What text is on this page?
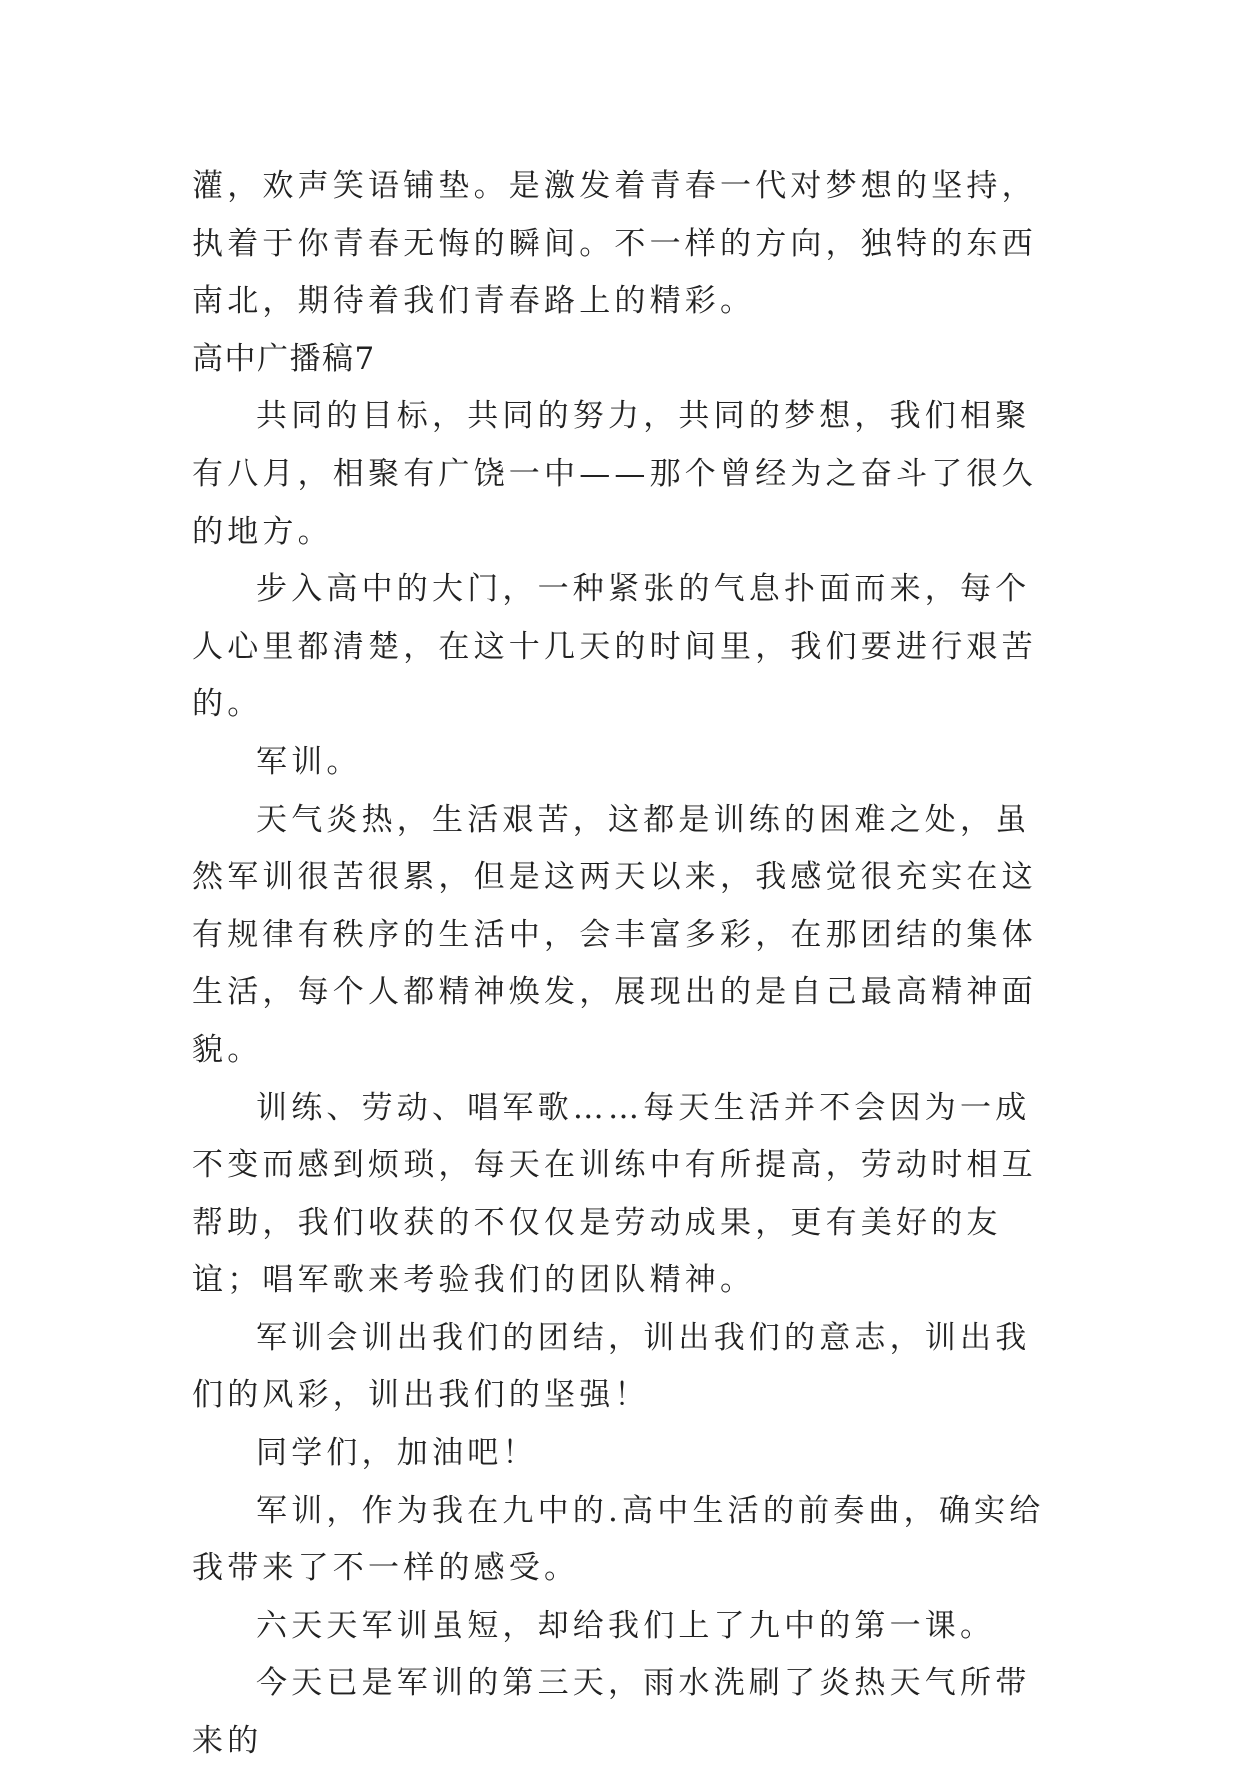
灌，欢声笑语铺垫。是激发着青春一代对梦想的坚持，执着于你青春无悔的瞬间。不一样的方向，独特的东西南北，期待着我们青春路上的精彩。

高中广播稿7

共同的目标，共同的努力，共同的梦想，我们相聚有八月，相聚有广饶一中——那个曾经为之奋斗了很久的地方。

步入高中的大门，一种紧张的气息扑面而来，每个人心里都清楚，在这十几天的时间里，我们要进行艰苦的。

军训。

天气炎热，生活艰苦，这都是训练的困难之处，虽然军训很苦很累，但是这两天以来，我感觉很充实在这有规律有秩序的生活中，会丰富多彩，在那团结的集体生活，每个人都精神焕发，展现出的是自己最高精神面貌。

训练、劳动、唱军歌……每天生活并不会因为一成不变而感到烦琐，每天在训练中有所提高，劳动时相互帮助，我们收获的不仅仅是劳动成果，更有美好的友谊；唱军歌来考验我们的团队精神。

军训会训出我们的团结，训出我们的意志，训出我们的风彩，训出我们的坚强！

同学们，加油吧！

军训，作为我在九中的.高中生活的前奏曲，确实给我带来了不一样的感受。

六天天军训虽短，却给我们上了九中的第一课。

今天已是军训的第三天，雨水洗刷了炎热天气所带来的
